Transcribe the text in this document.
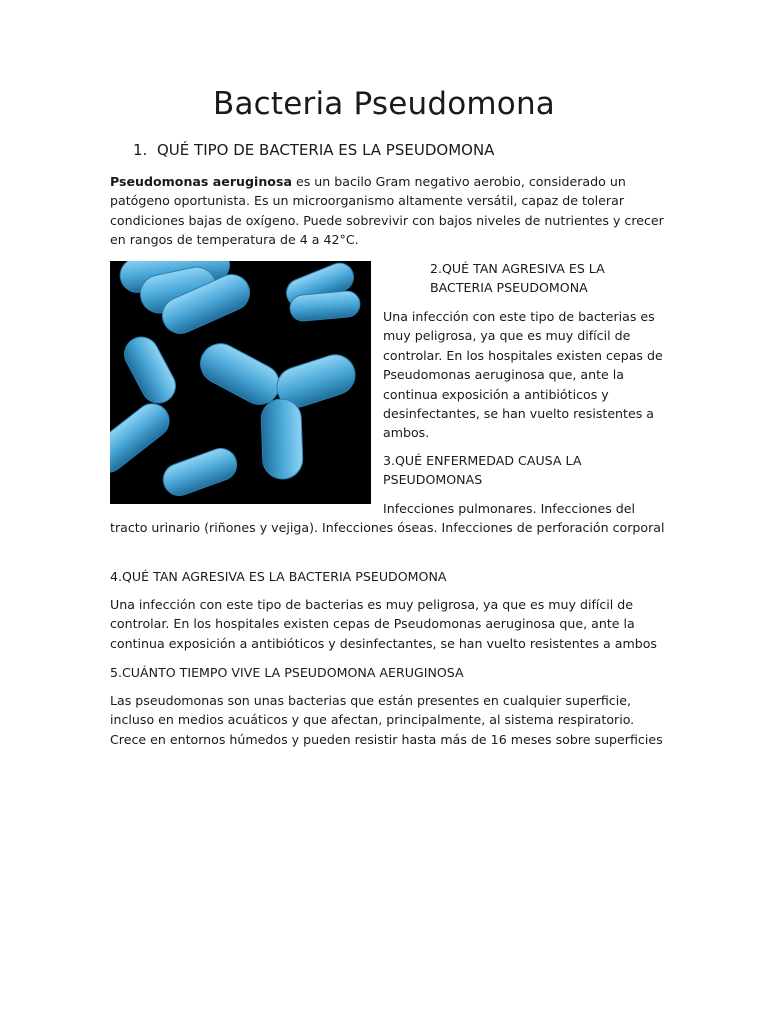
Bacteria Pseudomona
1. QUÉ TIPO DE BACTERIA ES LA PSEUDOMONA

Pseudomonas aeruginosa es un bacilo Gram negativo aerobio, considerado un patógeno oportunista. Es un microorganismo altamente versátil, capaz de tolerar condiciones bajas de oxígeno. Puede sobrevivir con bajos niveles de nutrientes y crecer en rangos de temperatura de 4 a 42°C.

2.QUÉ TAN AGRESIVA ES LA BACTERIA PSEUDOMONA

Una infección con este tipo de bacterias es muy peligrosa, ya que es muy difícil de controlar. En los hospitales existen cepas de Pseudomonas aeruginosa que, ante la continua exposición a antibióticos y desinfectantes, se han vuelto resistentes a ambos.

3.QUÉ ENFERMEDAD CAUSA LA PSEUDOMONAS

Infecciones pulmonares. Infecciones del

tracto urinario (riñones y vejiga). Infecciones óseas. Infecciones de perforación corporal

4.QUÉ TAN AGRESIVA ES LA BACTERIA PSEUDOMONA

Una infección con este tipo de bacterias es muy peligrosa, ya que es muy difícil de controlar. En los hospitales existen cepas de Pseudomonas aeruginosa que, ante la continua exposición a antibióticos y desinfectantes, se han vuelto resistentes a ambos

5.CUÁNTO TIEMPO VIVE LA PSEUDOMONA AERUGINOSA

Las pseudomonas son unas bacterias que están presentes en cualquier superficie, incluso en medios acuáticos y que afectan, principalmente, al sistema respiratorio. Crece en entornos húmedos y pueden resistir hasta más de 16 meses sobre superficies
